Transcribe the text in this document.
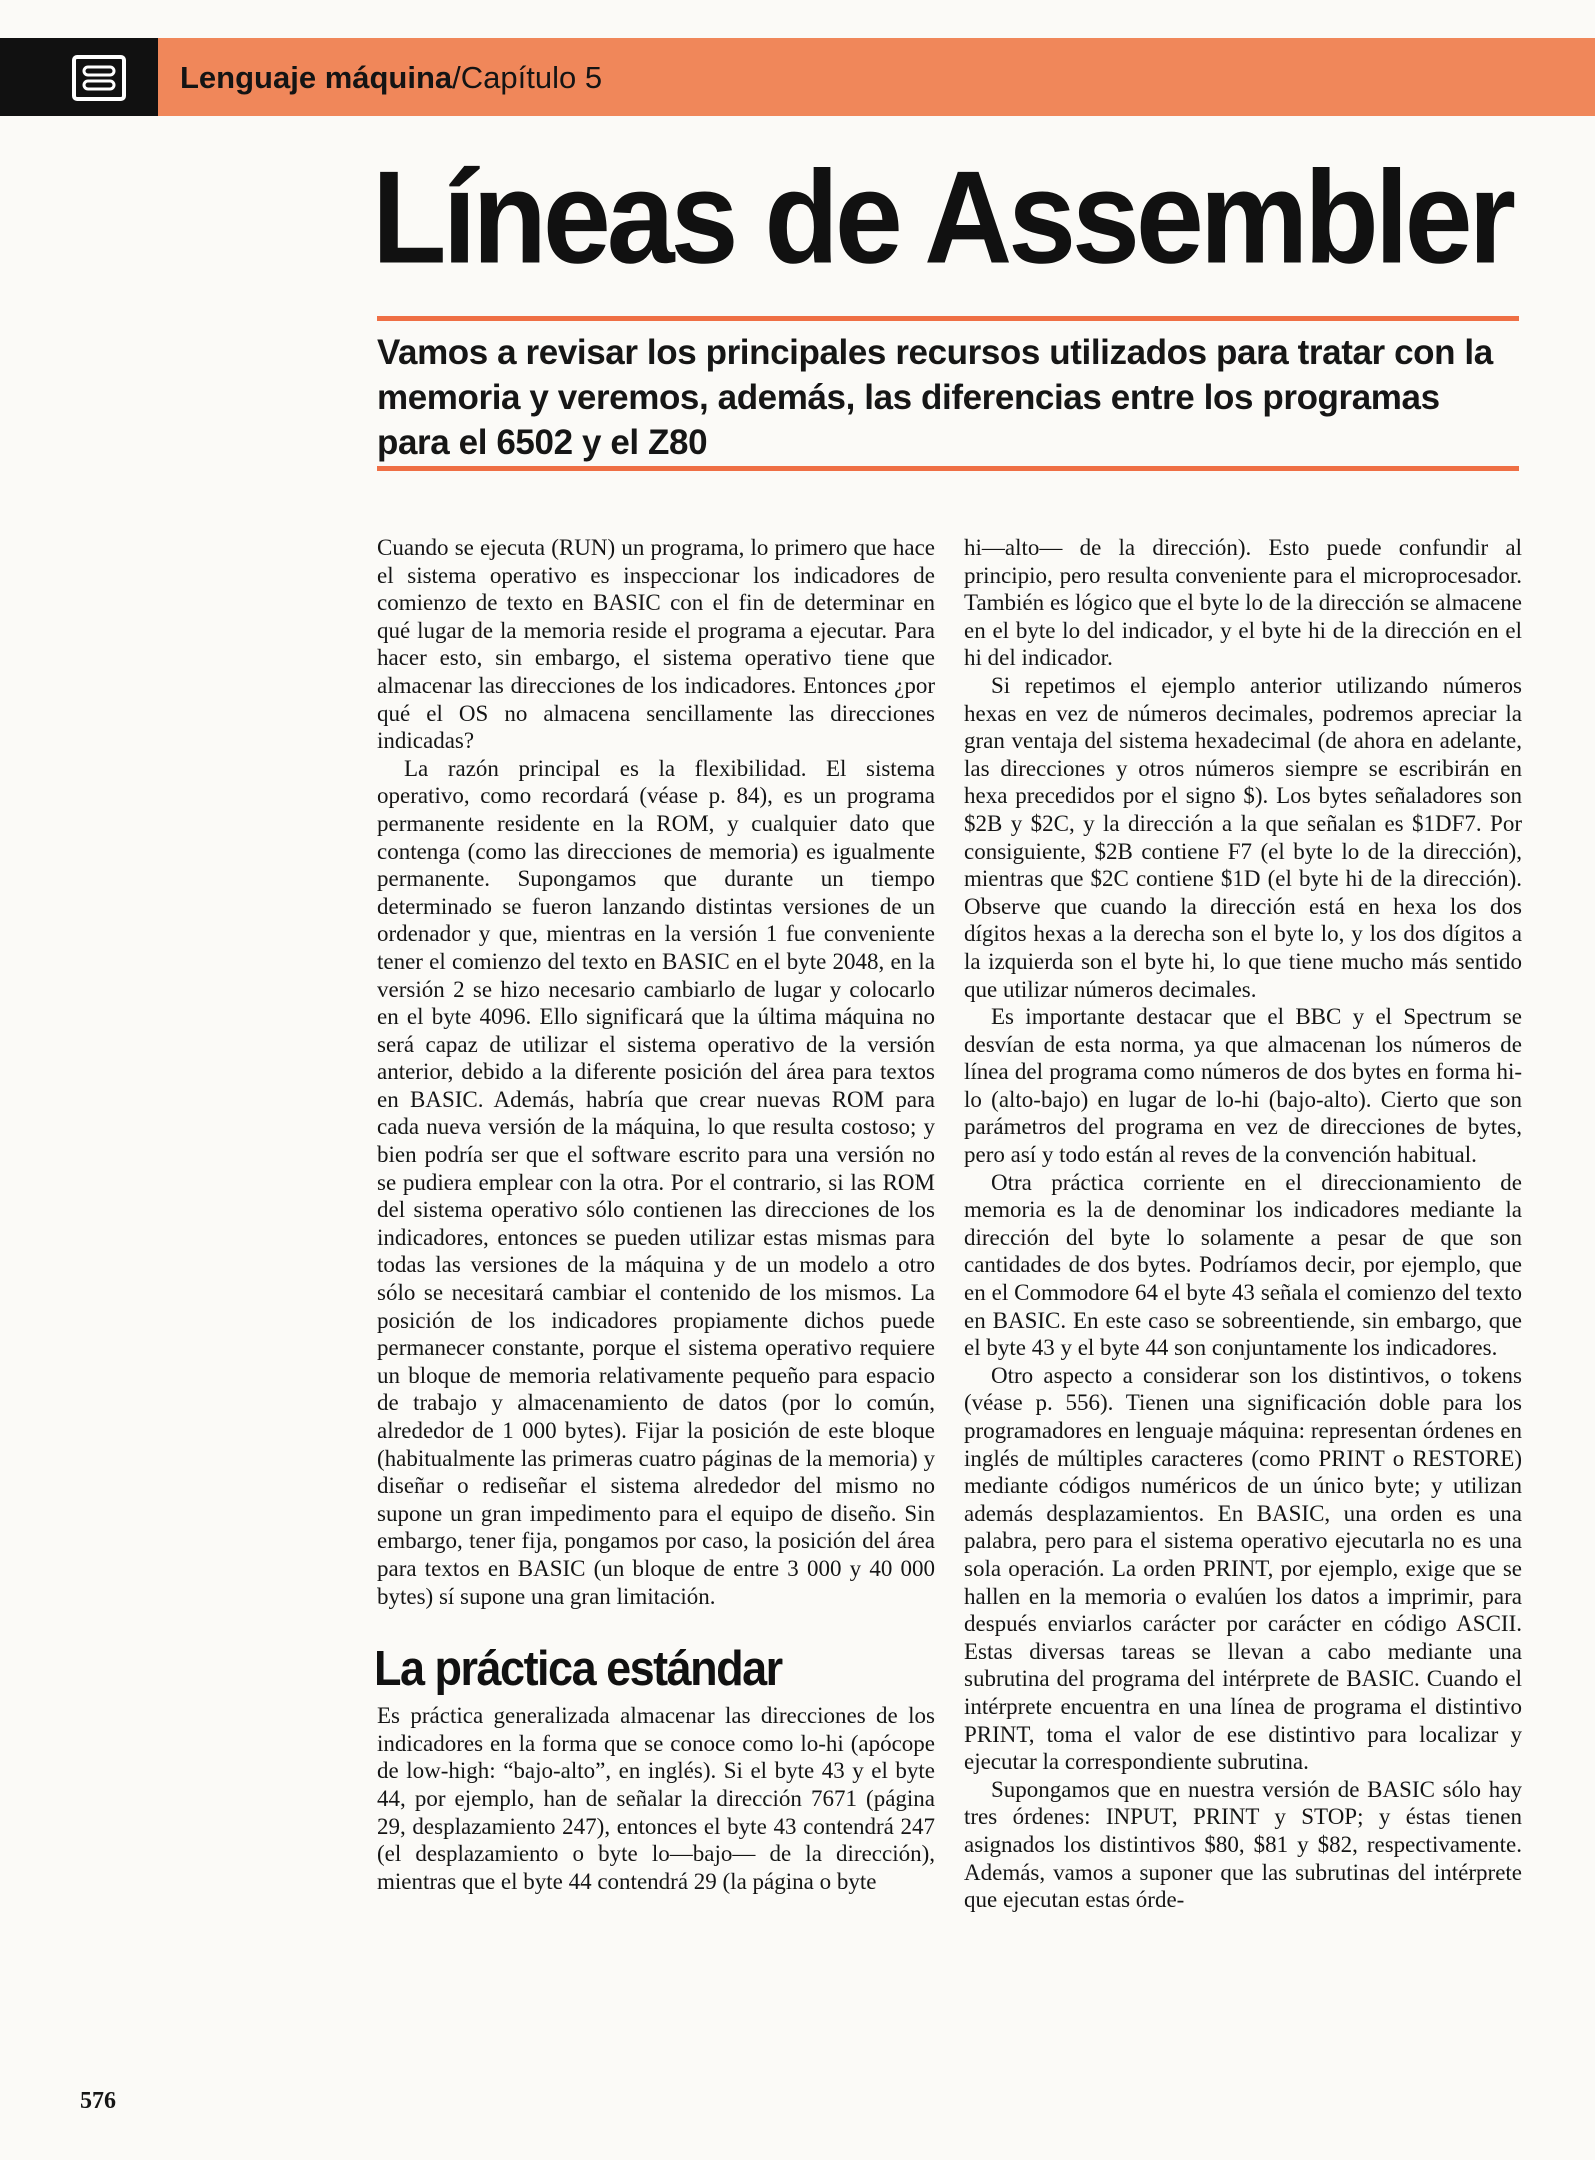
Lenguaje máquina/Capítulo 5
Líneas de Assembler
Vamos a revisar los principales recursos utilizados para tratar con la memoria y veremos, además, las diferencias entre los programas para el 6502 y el Z80

Cuando se ejecuta (RUN) un programa, lo primero que hace el sistema operativo es inspeccionar los indicadores de comienzo de texto en BASIC con el fin de determinar en qué lugar de la memoria reside el programa a ejecutar. Para hacer esto, sin embargo, el sistema operativo tiene que almacenar las direcciones de los indicadores. Entonces ¿por qué el OS no almacena sencillamente las direcciones indicadas?

La razón principal es la flexibilidad. El sistema operativo, como recordará (véase p. 84), es un programa permanente residente en la ROM, y cualquier dato que contenga (como las direcciones de memoria) es igualmente permanente. Supongamos que durante un tiempo determinado se fueron lanzando distintas versiones de un ordenador y que, mientras en la versión 1 fue conveniente tener el comienzo del texto en BASIC en el byte 2048, en la versión 2 se hizo necesario cambiarlo de lugar y colocarlo en el byte 4096. Ello significará que la última máquina no será capaz de utilizar el sistema operativo de la versión anterior, debido a la diferente posición del área para textos en BASIC. Además, habría que crear nuevas ROM para cada nueva versión de la máquina, lo que resulta costoso; y bien podría ser que el software escrito para una versión no se pudiera emplear con la otra. Por el contrario, si las ROM del sistema operativo sólo contienen las direcciones de los indicadores, entonces se pueden utilizar estas mismas para todas las versiones de la máquina y de un modelo a otro sólo se necesitará cambiar el contenido de los mismos. La posición de los indicadores propiamente dichos puede permanecer constante, porque el sistema operativo requiere un bloque de memoria relativamente pequeño para espacio de trabajo y almacenamiento de datos (por lo común, alrededor de 1 000 bytes). Fijar la posición de este bloque (habitualmente las primeras cuatro páginas de la memoria) y diseñar o rediseñar el sistema alrededor del mismo no supone un gran impedimento para el equipo de diseño. Sin embargo, tener fija, pongamos por caso, la posición del área para textos en BASIC (un bloque de entre 3 000 y 40 000 bytes) sí supone una gran limitación.

La práctica estándar

Es práctica generalizada almacenar las direcciones de los indicadores en la forma que se conoce como lo-hi (apócope de low-high: “bajo-alto”, en inglés). Si el byte 43 y el byte 44, por ejemplo, han de señalar la dirección 7671 (página 29, desplazamiento 247), entonces el byte 43 contendrá 247 (el desplazamiento o byte lo—bajo— de la dirección), mientras que el byte 44 contendrá 29 (la página o byte

hi—alto— de la dirección). Esto puede confundir al principio, pero resulta conveniente para el microprocesador. También es lógico que el byte lo de la dirección se almacene en el byte lo del indicador, y el byte hi de la dirección en el hi del indicador.

Si repetimos el ejemplo anterior utilizando números hexas en vez de números decimales, podremos apreciar la gran ventaja del sistema hexadecimal (de ahora en adelante, las direcciones y otros números siempre se escribirán en hexa precedidos por el signo $). Los bytes señaladores son $2B y $2C, y la dirección a la que señalan es $1DF7. Por consiguiente, $2B contiene F7 (el byte lo de la dirección), mientras que $2C contiene $1D (el byte hi de la dirección). Observe que cuando la dirección está en hexa los dos dígitos hexas a la derecha son el byte lo, y los dos dígitos a la izquierda son el byte hi, lo que tiene mucho más sentido que utilizar números decimales.

Es importante destacar que el BBC y el Spectrum se desvían de esta norma, ya que almacenan los números de línea del programa como números de dos bytes en forma hi-lo (alto-bajo) en lugar de lo-hi (bajo-alto). Cierto que son parámetros del programa en vez de direcciones de bytes, pero así y todo están al reves de la convención habitual.

Otra práctica corriente en el direccionamiento de memoria es la de denominar los indicadores mediante la dirección del byte lo solamente a pesar de que son cantidades de dos bytes. Podríamos decir, por ejemplo, que en el Commodore 64 el byte 43 señala el comienzo del texto en BASIC. En este caso se sobreentiende, sin embargo, que el byte 43 y el byte 44 son conjuntamente los indicadores.

Otro aspecto a considerar son los distintivos, o tokens (véase p. 556). Tienen una significación doble para los programadores en lenguaje máquina: representan órdenes en inglés de múltiples caracteres (como PRINT o RESTORE) mediante códigos numéricos de un único byte; y utilizan además desplazamientos. En BASIC, una orden es una palabra, pero para el sistema operativo ejecutarla no es una sola operación. La orden PRINT, por ejemplo, exige que se hallen en la memoria o evalúen los datos a imprimir, para después enviarlos carácter por carácter en código ASCII. Estas diversas tareas se llevan a cabo mediante una subrutina del programa del intérprete de BASIC. Cuando el intérprete encuentra en una línea de programa el distintivo PRINT, toma el valor de ese distintivo para localizar y ejecutar la correspondiente subrutina.

Supongamos que en nuestra versión de BASIC sólo hay tres órdenes: INPUT, PRINT y STOP; y éstas tienen asignados los distintivos $80, $81 y $82, respectivamente. Además, vamos a suponer que las subrutinas del intérprete que ejecutan estas órde-

576
